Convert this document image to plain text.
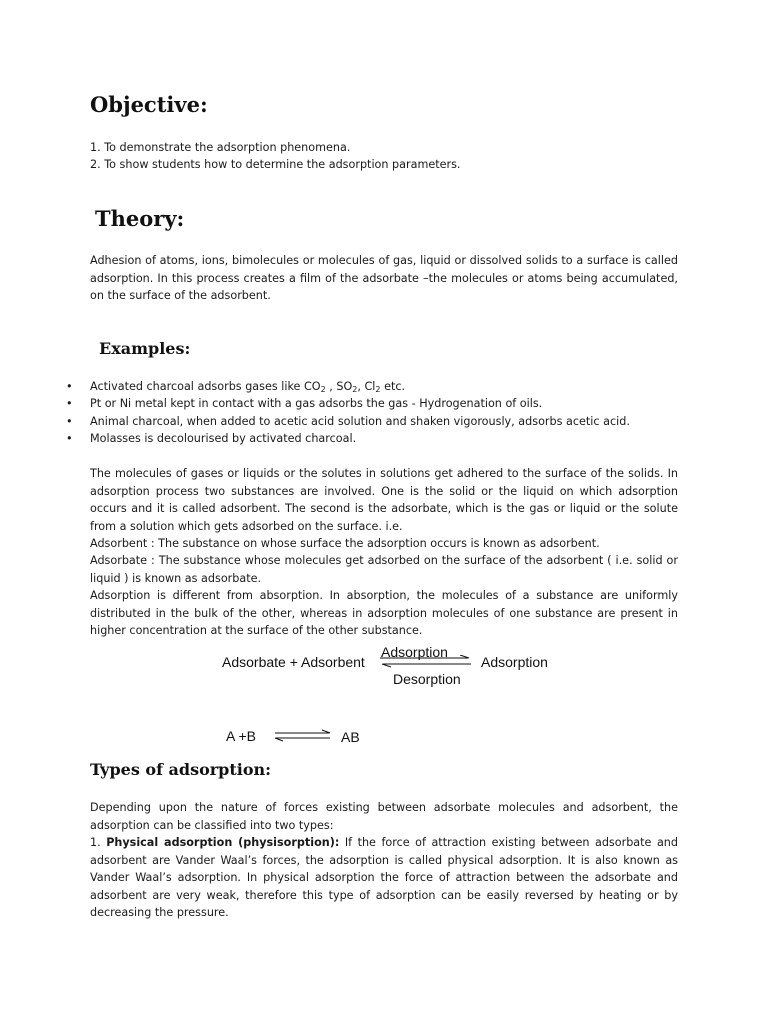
Objective:
1. To demonstrate the adsorption phenomena.
2. To show students how to determine the adsorption parameters.
Theory:

Adhesion of atoms, ions, bimolecules or molecules of gas, liquid or dissolved solids to a surface is called adsorption. In this process creates a film of the adsorbate –the molecules or atoms being accumulated, on the surface of the adsorbent.

Examples:
• Activated charcoal adsorbs gases like $CO_2$ , $SO_2$, $Cl_2$ etc.
• Pt or Ni metal kept in contact with a gas adsorbs the gas - Hydrogenation of oils.
• Animal charcoal, when added to acetic acid solution and shaken vigorously, adsorbs acetic acid.
• Molasses is decolourised by activated charcoal.

The molecules of gases or liquids or the solutes in solutions get adhered to the surface of the solids. In adsorption process two substances are involved. One is the solid or the liquid on which adsorption occurs and it is called adsorbent. The second is the adsorbate, which is the gas or liquid or the solute from a solution which gets adsorbed on the surface. i.e.

Adsorbent : The substance on whose surface the adsorption occurs is known as adsorbent.

Adsorbate : The substance whose molecules get adsorbed on the surface of the adsorbent ( i.e. solid or liquid ) is known as adsorbate.

Adsorption is different from absorption. In absorption, the molecules of a substance are uniformly distributed in the bulk of the other, whereas in adsorption molecules of one substance are present in higher concentration at the surface of the other substance.

Adsorbate + Adsorbent
Adsorption
Desorption
Adsorption
A +B ⇌ AB
Types of adsorption:

Depending upon the nature of forces existing between adsorbate molecules and adsorbent, the adsorption can be classified into two types:

1. Physical adsorption (physisorption): If the force of attraction existing between adsorbate and adsorbent are Vander Waal’s forces, the adsorption is called physical adsorption. It is also known as Vander Waal’s adsorption. In physical adsorption the force of attraction between the adsorbate and adsorbent are very weak, therefore this type of adsorption can be easily reversed by heating or by decreasing the pressure.
